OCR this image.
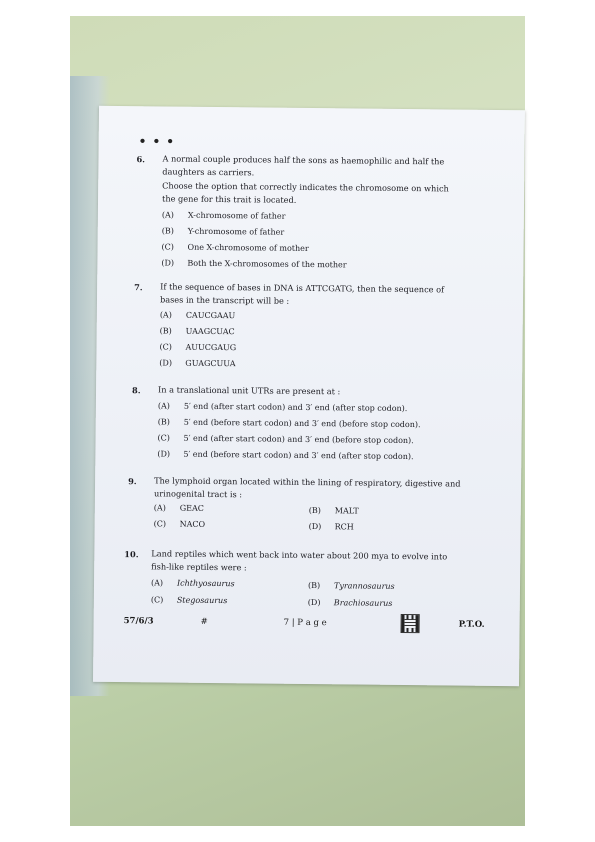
• • •
6.	A normal couple produces half the sons as haemophilic and half the daughters as carriers.

Choose the option that correctly indicates the chromosome on which the gene for this trait is located.

(A) X-chromosome of father
(B) Y-chromosome of father
(C) One X-chromosome of mother
(D) Both the X-chromosomes of the mother
7.	If the sequence of bases in DNA is ATTCGATG, then the sequence of bases in the transcript will be :

(A) CAUCGAAU
(B) UAAGCUAC
(C) AUUCGAUG
(D) GUAGCUUA
8.	In a translational unit UTRs are present at :

(A) 5′ end (after start codon) and 3′ end (after stop codon).
(B) 5′ end (before start codon) and 3′ end (before stop codon).
(C) 5′ end (after start codon) and 3′ end (before stop codon).
(D) 5′ end (before start codon) and 3′ end (after stop codon).
9.	The lymphoid organ located within the lining of respiratory, digestive and urinogenital tract is :

(A) GEAC	(B) MALT
(C) NACO	(D) RCH
10.	Land reptiles which went back into water about 200 mya to evolve into fish-like reptiles were :

(A) Ichthyosaurus	(B) Tyrannosaurus
(C) Stegosaurus	(D) Brachiosaurus
57/6/3	#	7 | P a g e	P.T.O.
